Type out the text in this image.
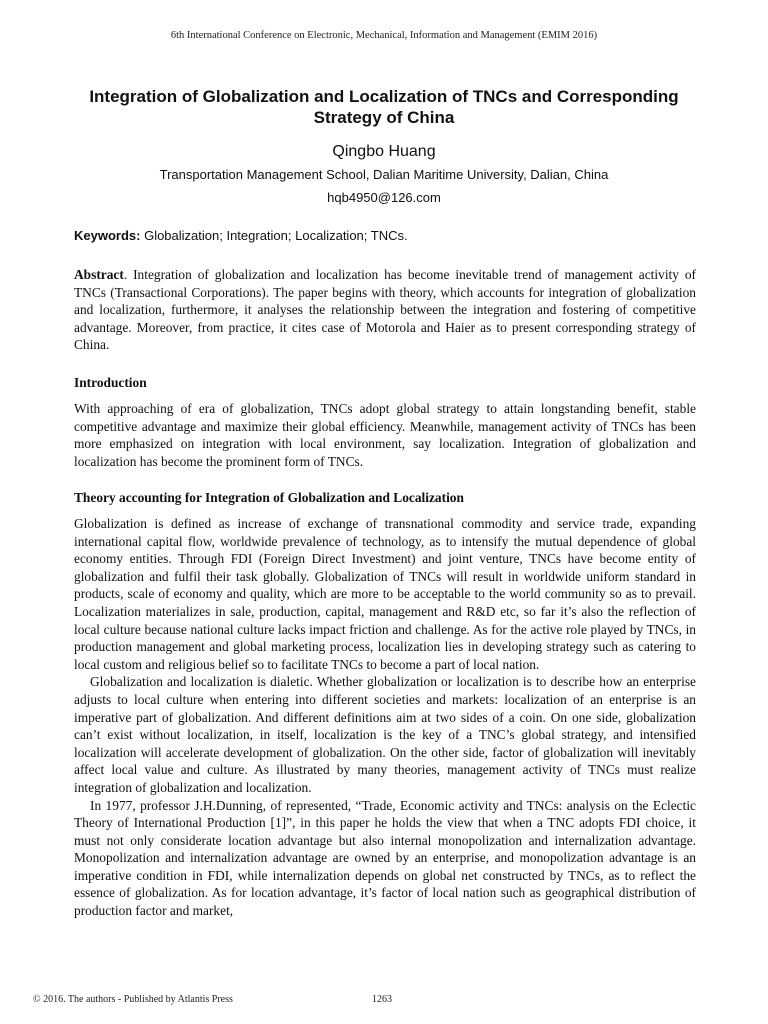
6th International Conference on Electronic, Mechanical, Information and Management (EMIM 2016)
Integration of Globalization and Localization of TNCs and Corresponding Strategy of China
Qingbo Huang
Transportation Management School, Dalian Maritime University, Dalian, China
hqb4950@126.com
Keywords: Globalization; Integration; Localization; TNCs.

Abstract. Integration of globalization and localization has become inevitable trend of management activity of TNCs (Transactional Corporations). The paper begins with theory, which accounts for integration of globalization and localization, furthermore, it analyses the relationship between the integration and fostering of competitive advantage. Moreover, from practice, it cites case of Motorola and Haier as to present corresponding strategy of China.

Introduction

With approaching of era of globalization, TNCs adopt global strategy to attain longstanding benefit, stable competitive advantage and maximize their global efficiency. Meanwhile, management activity of TNCs has been more emphasized on integration with local environment, say localization. Integration of globalization and localization has become the prominent form of TNCs.

Theory accounting for Integration of Globalization and Localization

Globalization is defined as increase of exchange of transnational commodity and service trade, expanding international capital flow, worldwide prevalence of technology, as to intensify the mutual dependence of global economy entities. Through FDI (Foreign Direct Investment) and joint venture, TNCs have become entity of globalization and fulfil their task globally. Globalization of TNCs will result in worldwide uniform standard in products, scale of economy and quality, which are more to be acceptable to the world community so as to prevail. Localization materializes in sale, production, capital, management and R&D etc, so far it’s also the reflection of local culture because national culture lacks impact friction and challenge. As for the active role played by TNCs, in production management and global marketing process, localization lies in developing strategy such as catering to local custom and religious belief so to facilitate TNCs to become a part of local nation.

Globalization and localization is dialetic. Whether globalization or localization is to describe how an enterprise adjusts to local culture when entering into different societies and markets: localization of an enterprise is an imperative part of globalization. And different definitions aim at two sides of a coin. On one side, globalization can’t exist without localization, in itself, localization is the key of a TNC’s global strategy, and intensified localization will accelerate development of globalization. On the other side, factor of globalization will inevitably affect local value and culture. As illustrated by many theories, management activity of TNCs must realize integration of globalization and localization.

In 1977, professor J.H.Dunning, of represented, “Trade, Economic activity and TNCs: analysis on the Eclectic Theory of International Production [1]”, in this paper he holds the view that when a TNC adopts FDI choice, it must not only considerate location advantage but also internal monopolization and internalization advantage. Monopolization and internalization advantage are owned by an enterprise, and monopolization advantage is an imperative condition in FDI, while internalization depends on global net constructed by TNCs, as to reflect the essence of globalization. As for location advantage, it’s factor of local nation such as geographical distribution of production factor and market,

© 2016. The authors - Published by Atlantis Press	1263
